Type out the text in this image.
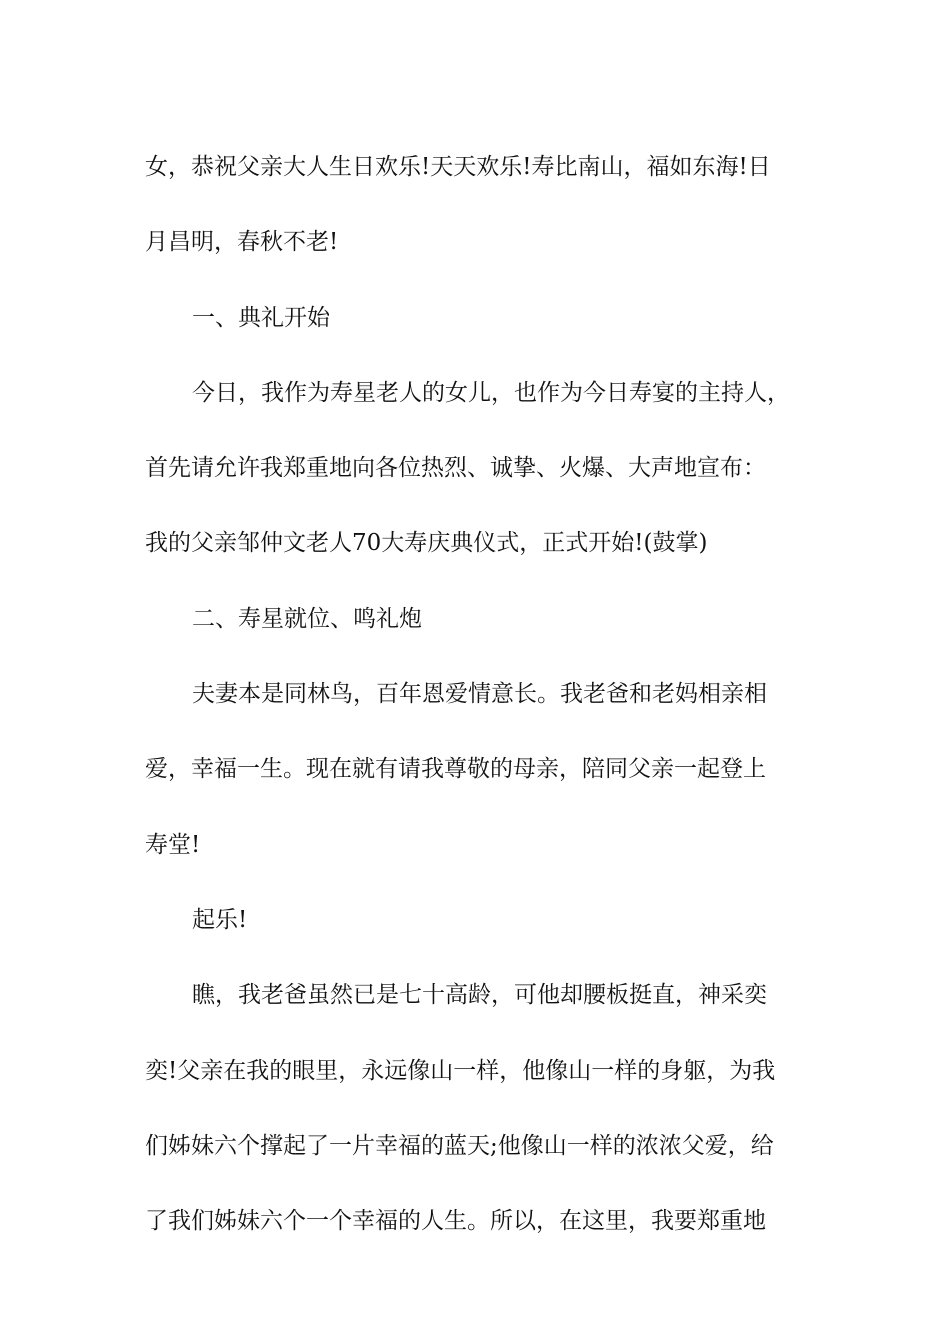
女，恭祝父亲大人生日欢乐!天天欢乐!寿比南山，福如东海!日
月昌明，春秋不老!
一、典礼开始
今日，我作为寿星老人的女儿，也作为今日寿宴的主持人，
首先请允许我郑重地向各位热烈、诚挚、火爆、大声地宣布：
我的父亲邹仲文老人70大寿庆典仪式，正式开始!(鼓掌)
二、寿星就位、鸣礼炮
夫妻本是同林鸟，百年恩爱情意长。我老爸和老妈相亲相
爱，幸福一生。现在就有请我尊敬的母亲，陪同父亲一起登上
寿堂!
起乐!
瞧，我老爸虽然已是七十高龄，可他却腰板挺直，神采奕
奕!父亲在我的眼里，永远像山一样，他像山一样的身躯，为我
们姊妹六个撑起了一片幸福的蓝天;他像山一样的浓浓父爱，给
了我们姊妹六个一个幸福的人生。所以，在这里，我要郑重地
